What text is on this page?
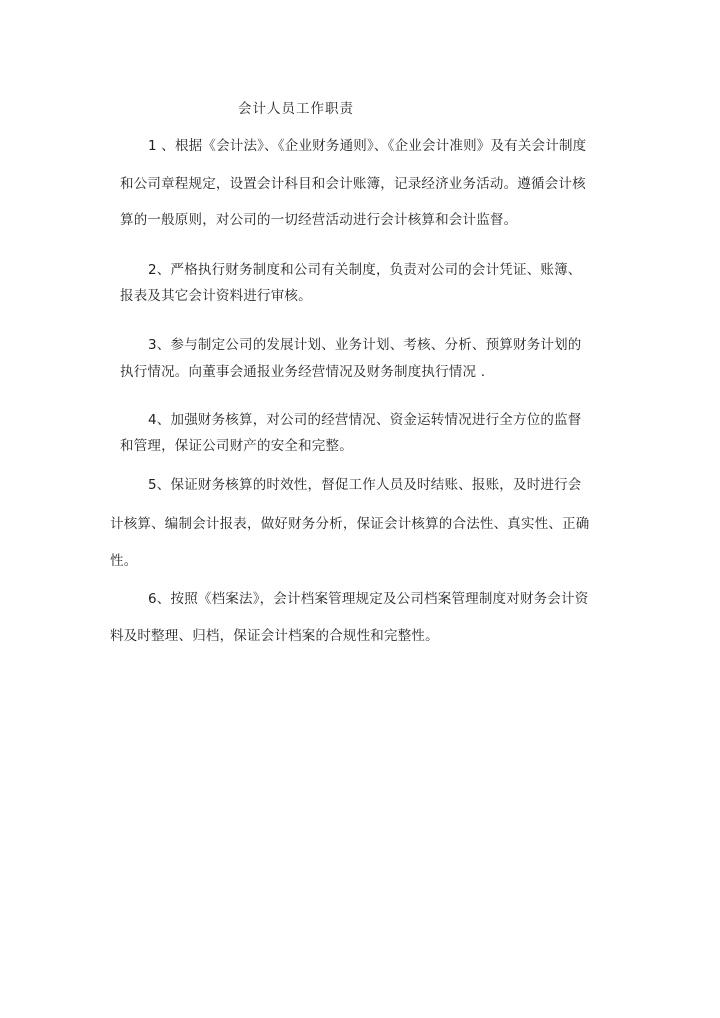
会计人员工作职责
1 、根据《会计法》、《企业财务通则》、《企业会计准则》及有关会计制度
和公司章程规定，设置会计科目和会计账簿，记录经济业务活动。遵循会计核
算的一般原则，对公司的一切经营活动进行会计核算和会计监督。
2、严格执行财务制度和公司有关制度，负责对公司的会计凭证、账簿、
报表及其它会计资料进行审核。
3、参与制定公司的发展计划、业务计划、考核、分析、预算财务计划的
执行情况。向董事会通报业务经营情况及财务制度执行情况 .
4、加强财务核算，对公司的经营情况、资金运转情况进行全方位的监督
和管理，保证公司财产的安全和完整。
5、保证财务核算的时效性，督促工作人员及时结账、报账，及时进行会
计核算、编制会计报表，做好财务分析，保证会计核算的合法性、真实性、正确
性。
6、按照《档案法》，会计档案管理规定及公司档案管理制度对财务会计资
料及时整理、归档，保证会计档案的合规性和完整性。
